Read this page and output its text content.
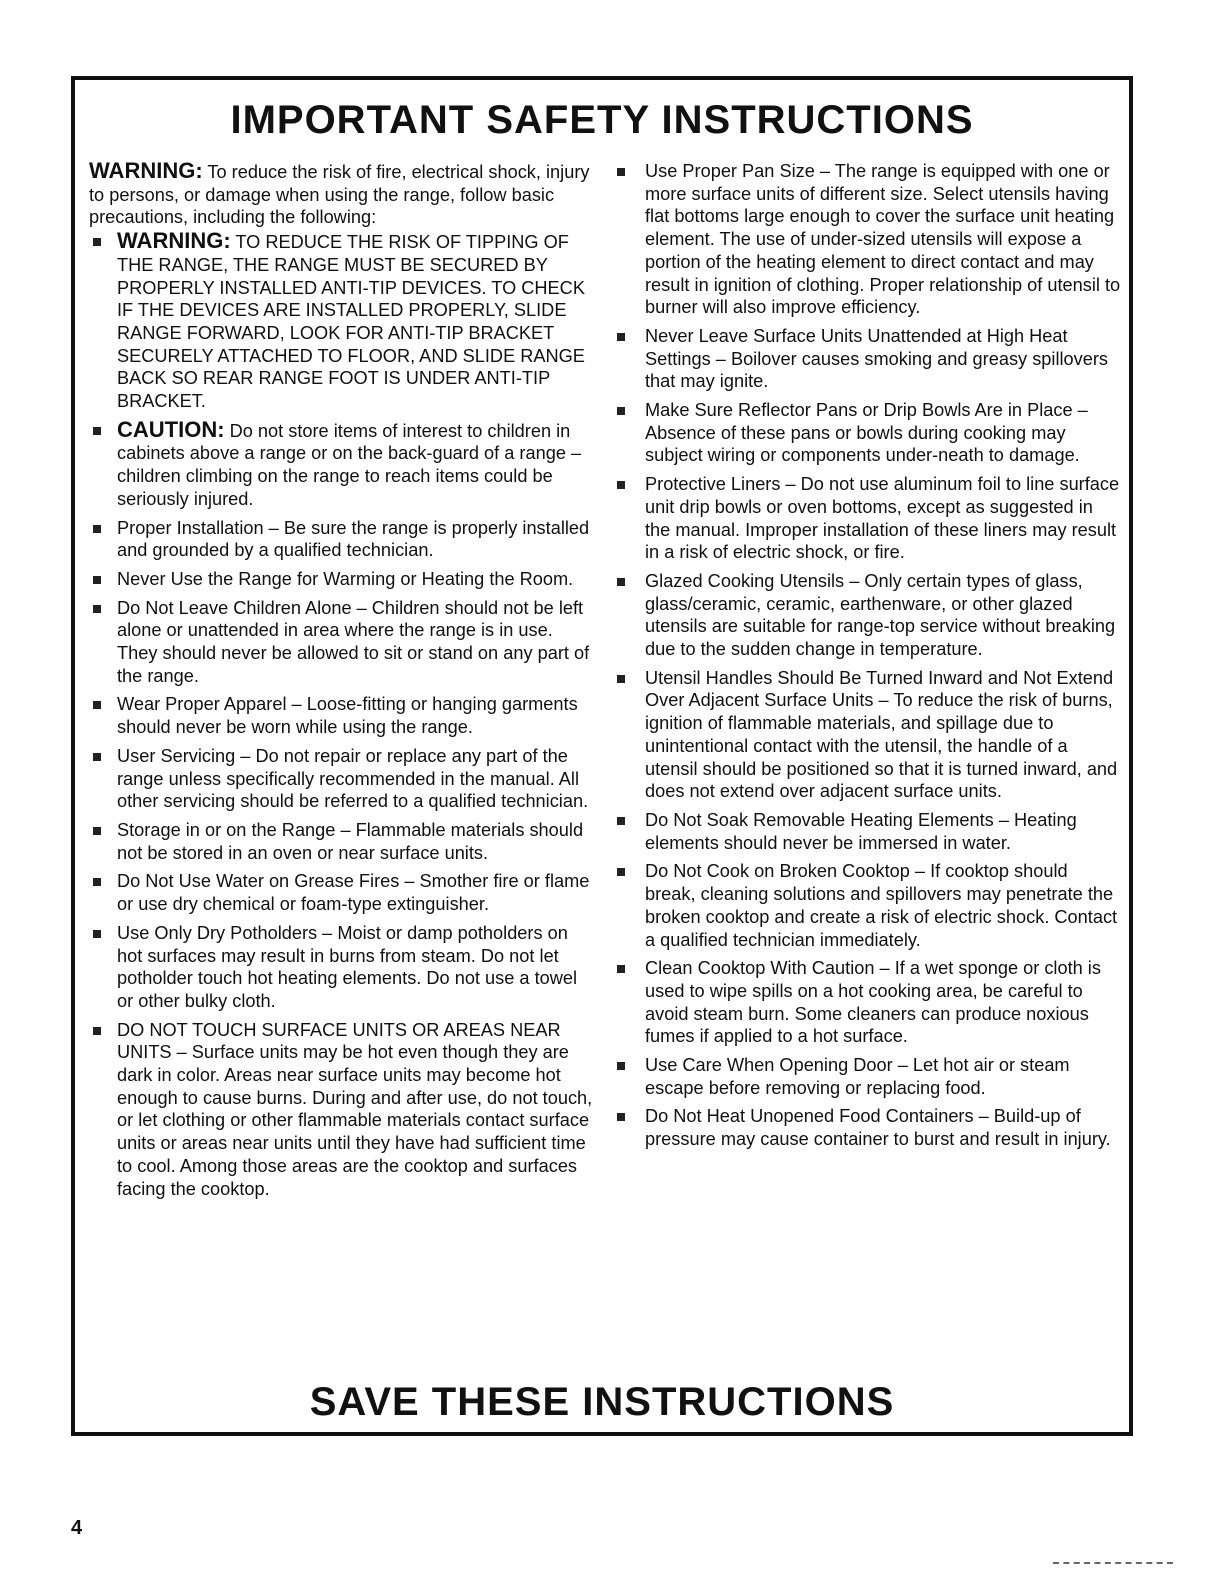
IMPORTANT SAFETY INSTRUCTIONS

WARNING: To reduce the risk of fire, electrical shock, injury to persons, or damage when using the range, follow basic precautions, including the following:

WARNING: TO REDUCE THE RISK OF TIPPING OF THE RANGE, THE RANGE MUST BE SECURED BY PROPERLY INSTALLED ANTI-TIP DEVICES. TO CHECK IF THE DEVICES ARE INSTALLED PROPERLY, SLIDE RANGE FORWARD, LOOK FOR ANTI-TIP BRACKET SECURELY ATTACHED TO FLOOR, AND SLIDE RANGE BACK SO REAR RANGE FOOT IS UNDER ANTI-TIP BRACKET.
CAUTION: Do not store items of interest to children in cabinets above a range or on the back-guard of a range – children climbing on the range to reach items could be seriously injured.
Proper Installation – Be sure the range is properly installed and grounded by a qualified technician.
Never Use the Range for Warming or Heating the Room.
Do Not Leave Children Alone – Children should not be left alone or unattended in area where the range is in use. They should never be allowed to sit or stand on any part of the range.
Wear Proper Apparel – Loose-fitting or hanging garments should never be worn while using the range.
User Servicing – Do not repair or replace any part of the range unless specifically recommended in the manual. All other servicing should be referred to a qualified technician.
Storage in or on the Range – Flammable materials should not be stored in an oven or near surface units.
Do Not Use Water on Grease Fires – Smother fire or flame or use dry chemical or foam-type extinguisher.
Use Only Dry Potholders – Moist or damp potholders on hot surfaces may result in burns from steam. Do not let potholder touch hot heating elements. Do not use a towel or other bulky cloth.
DO NOT TOUCH SURFACE UNITS OR AREAS NEAR UNITS – Surface units may be hot even though they are dark in color. Areas near surface units may become hot enough to cause burns. During and after use, do not touch, or let clothing or other flammable materials contact surface units or areas near units until they have had sufficient time to cool. Among those areas are the cooktop and surfaces facing the cooktop.
Use Proper Pan Size – The range is equipped with one or more surface units of different size. Select utensils having flat bottoms large enough to cover the surface unit heating element. The use of under-sized utensils will expose a portion of the heating element to direct contact and may result in ignition of clothing. Proper relationship of utensil to burner will also improve efficiency.
Never Leave Surface Units Unattended at High Heat Settings – Boilover causes smoking and greasy spillovers that may ignite.
Make Sure Reflector Pans or Drip Bowls Are in Place – Absence of these pans or bowls during cooking may subject wiring or components under-neath to damage.
Protective Liners – Do not use aluminum foil to line surface unit drip bowls or oven bottoms, except as suggested in the manual. Improper installation of these liners may result in a risk of electric shock, or fire.
Glazed Cooking Utensils – Only certain types of glass, glass/ceramic, ceramic, earthenware, or other glazed utensils are suitable for range-top service without breaking due to the sudden change in temperature.
Utensil Handles Should Be Turned Inward and Not Extend Over Adjacent Surface Units – To reduce the risk of burns, ignition of flammable materials, and spillage due to unintentional contact with the utensil, the handle of a utensil should be positioned so that it is turned inward, and does not extend over adjacent surface units.
Do Not Soak Removable Heating Elements – Heating elements should never be immersed in water.
Do Not Cook on Broken Cooktop – If cooktop should break, cleaning solutions and spillovers may penetrate the broken cooktop and create a risk of electric shock. Contact a qualified technician immediately.
Clean Cooktop With Caution – If a wet sponge or cloth is used to wipe spills on a hot cooking area, be careful to avoid steam burn. Some cleaners can produce noxious fumes if applied to a hot surface.
Use Care When Opening Door – Let hot air or steam escape before removing or replacing food.
Do Not Heat Unopened Food Containers – Build-up of pressure may cause container to burst and result in injury.
SAVE THESE INSTRUCTIONS
4
